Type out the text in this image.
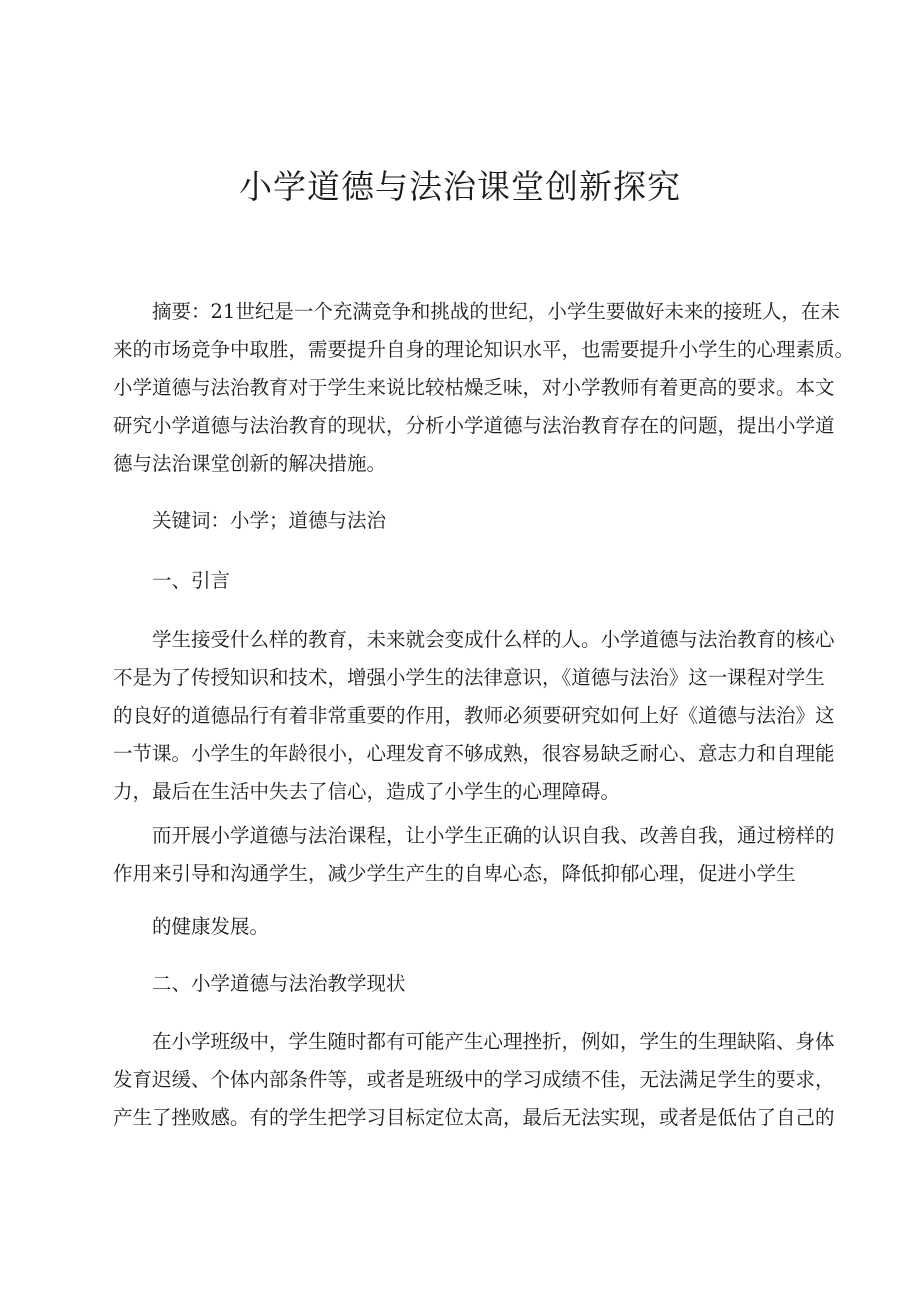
小学道德与法治课堂创新探究
摘要：21世纪是一个充满竞争和挑战的世纪，小学生要做好未来的接班人，在未
来的市场竞争中取胜，需要提升自身的理论知识水平，也需要提升小学生的心理素质。
小学道德与法治教育对于学生来说比较枯燥乏味，对小学教师有着更高的要求。本文
研究小学道德与法治教育的现状，分析小学道德与法治教育存在的问题，提出小学道
德与法治课堂创新的解决措施。
关键词：小学；道德与法治
一、引言
学生接受什么样的教育，未来就会变成什么样的人。小学道德与法治教育的核心
不是为了传授知识和技术，增强小学生的法律意识，《道德与法治》这一课程对学生
的良好的道德品行有着非常重要的作用，教师必须要研究如何上好《道德与法治》这
一节课。小学生的年龄很小，心理发育不够成熟，很容易缺乏耐心、意志力和自理能
力，最后在生活中失去了信心，造成了小学生的心理障碍。
而开展小学道德与法治课程，让小学生正确的认识自我、改善自我，通过榜样的
作用来引导和沟通学生，减少学生产生的自卑心态，降低抑郁心理，促进小学生
的健康发展。
二、小学道德与法治教学现状
在小学班级中，学生随时都有可能产生心理挫折，例如，学生的生理缺陷、身体
发育迟缓、个体内部条件等，或者是班级中的学习成绩不佳，无法满足学生的要求，
产生了挫败感。有的学生把学习目标定位太高，最后无法实现，或者是低估了自己的
